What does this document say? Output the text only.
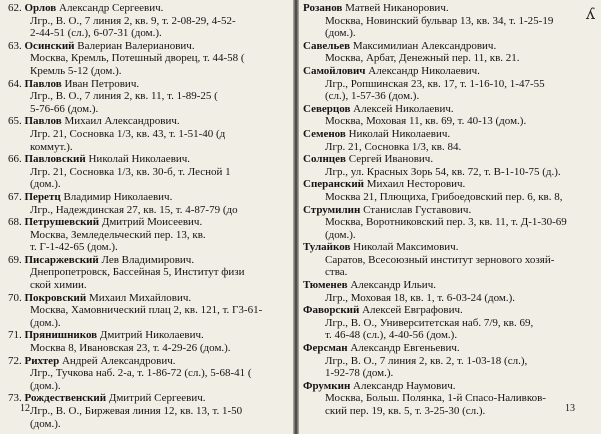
62. Орлов Александр Сергеевич.
Лгр., В. О., 7 линия 2, кв. 9, т. 2-08-29, 4-52-
2-44-51 (сл.), 6-07-31 (дом.).
63. Осинский Валериан Валерианович.
Москва, Кремль, Потешный дворец, т. 44-58 (
Кремль 5-12 (дом.).
64. Павлов Иван Петрович.
Лгр., В. О., 7 линия 2, кв. 11, т. 1-89-25 (
5-76-66 (дом.).
65. Павлов Михаил Александрович.
Лгр. 21, Сосновка 1/3, кв. 43, т. 1-51-40 (д
коммут.).
66. Павловский Николай Николаевич.
Лгр. 21, Сосновка 1/3, кв. 30-б, т. Лесной 1
(дом.).
67. Перетц Владимир Николаевич.
Лгр., Надеждинская 27, кв. 15, т. 4-87-79 (до
68. Петрушевский Дмитрий Моисеевич.
Москва, Земледельческий пер. 13, кв.
т. Г-1-42-65 (дом.).
69. Писаржевский Лев Владимирович.
Днепропетровск, Бассейная 5, Институт физи
ской химии.
70. Покровский Михаил Михайлович.
Москва, Хамовнический плац 2, кв. 121, т. Г3-61-
(дом.).
71. Прянишников Дмитрий Николаевич.
Москва 8, Ивановская 23, т. 4-29-26 (дом.).
72. Рихтер Андрей Александрович.
Лгр., Тучкова наб. 2-а, т. 1-86-72 (сл.), 5-68-41 (
(дом.).
73. Рождественский Дмитрий Сергеевич.
Лгр., В. О., Биржевая линия 12, кв. 13, т. 1-50
(дом.).
12
Розанов Матвей Никанорович.
Москва, Новинский бульвар 13, кв. 34, т. 1-25-19
(дом.).
Савельев Максимилиан Александрович.
Москва, Арбат, Денежный пер. 11, кв. 21.
Самойлович Александр Николаевич.
Лгр., Ропшинская 23, кв. 17, т. 1-16-10, 1-47-55
(сл.), 1-57-36 (дом.).
Северцов Алексей Николаевич.
Москва, Моховая 11, кв. 69, т. 40-13 (дом.).
Семенов Николай Николаевич.
Лгр. 21, Сосновка 1/3, кв. 84.
Солнцев Сергей Иванович.
Лгр., ул. Красных Зорь 54, кв. 72, т. В-1-10-75 (д.).
Сперанский Михаил Несторович.
Москва 21, Плющиха, Грибоедовский пер. 6, кв. 8,
Струмилин Станислав Густавович.
Москва, Воротниковский пер. 3, кв. 11, т. Д-1-30-69
(дом.).
Тулайков Николай Максимович.
Саратов, Всесоюзный институт зернового хозяй-
ства.
Тюменев Александр Ильич.
Лгр., Моховая 18, кв. 1, т. 6-03-24 (дом.).
Фаворский Алексей Евграфович.
Лгр., В. О., Университетская наб. 7/9, кв. 69,
т. 46-48 (сл.), 4-40-56 (дом.).
Ферсман Александр Евгеньевич.
Лгр., В. О., 7 линия 2, кв. 2, т. 1-03-18 (сл.),
1-92-78 (дом.).
Фрумкин Александр Наумович.
Москва, Больш. Полянка, 1-й Спасо-Наливков-
ский пер. 19, кв. 5, т. 3-25-30 (сл.).
ʎ
13
